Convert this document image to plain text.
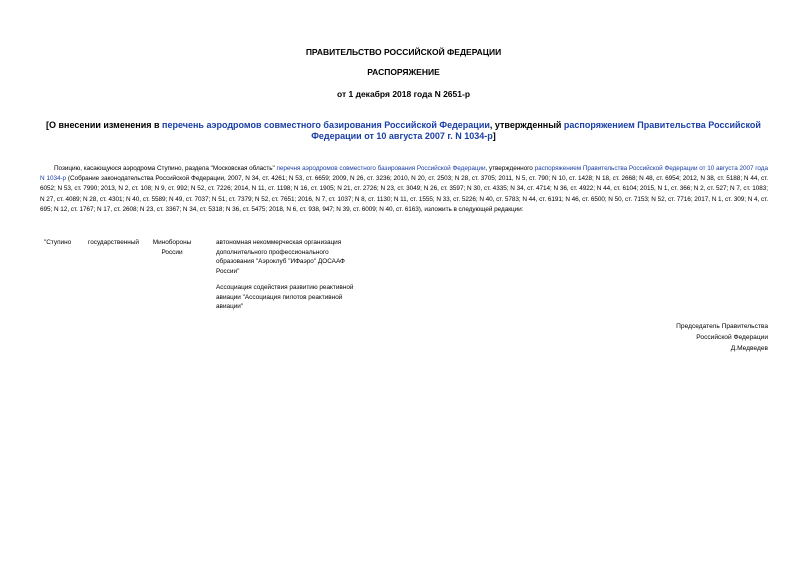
ПРАВИТЕЛЬСТВО РОССИЙСКОЙ ФЕДЕРАЦИИ
РАСПОРЯЖЕНИЕ
от 1 декабря 2018 года N 2651-р
[О внесении изменения в перечень аэродромов совместного базирования Российской Федерации, утвержденный распоряжением Правительства Российской Федерации от 10 августа 2007 г. N 1034-р]
Позицию, касающуюся аэродрома Ступино, раздела "Московская область" перечня аэродромов совместного базирования Российской Федерации, утвержденного распоряжением Правительства Российской Федерации от 10 августа 2007 года N 1034-р (Собрание законодательства Российской Федерации, 2007, N 34, ст. 4261; N 53, ст. 6659; 2009, N 26, ст. 3236; 2010, N 20, ст. 2503; N 28, ст. 3705; 2011, N 5, ст. 790; N 10, ст. 1428; N 18, ст. 2668; N 48, ст. 6954; 2012, N 38, ст. 5188; N 44, ст. 6052; N 53, ст. 7990; 2013, N 2, ст. 108; N 9, ст. 992; N 52, ст. 7226; 2014, N 11, ст. 1198; N 16, ст. 1905; N 21, ст. 2726; N 23, ст. 3049; N 26, ст. 3597; N 30, ст. 4335; N 34, ст. 4714; N 36, ст. 4922; N 44, ст. 6104; 2015, N 1, ст. 366; N 2, ст. 527; N 7, ст. 1083; N 27, ст. 4089; N 28, ст. 4301; N 40, ст. 5589; N 49, ст. 7037; N 51, ст. 7379; N 52, ст. 7651; 2016, N 7, ст. 1037; N 8, ст. 1130; N 11, ст. 1555; N 33, ст. 5226; N 40, ст. 5783; N 44, ст. 6191; N 46, ст. 6500; N 50, ст. 7153; N 52, ст. 7716; 2017, N 1, ст. 309; N 4, ст. 695; N 12, ст. 1767; N 17, ст. 2608; N 23, ст. 3367; N 34, ст. 5318; N 36, ст. 5475; 2018, N 6, ст. 938, 947; N 39, ст. 6009; N 40, ст. 6163), изложить в следующей редакции:
"Ступино	государственный	Минобороны России
автономная некоммерческая организация дополнительного профессионального образования "Аэроклуб "ИФаэро" ДОСААФ России"
Ассоциация содействия развитию реактивной авиации "Ассоциация пилотов реактивной авиации"
Председатель Правительства
Российской Федерации
Д.Медведев
